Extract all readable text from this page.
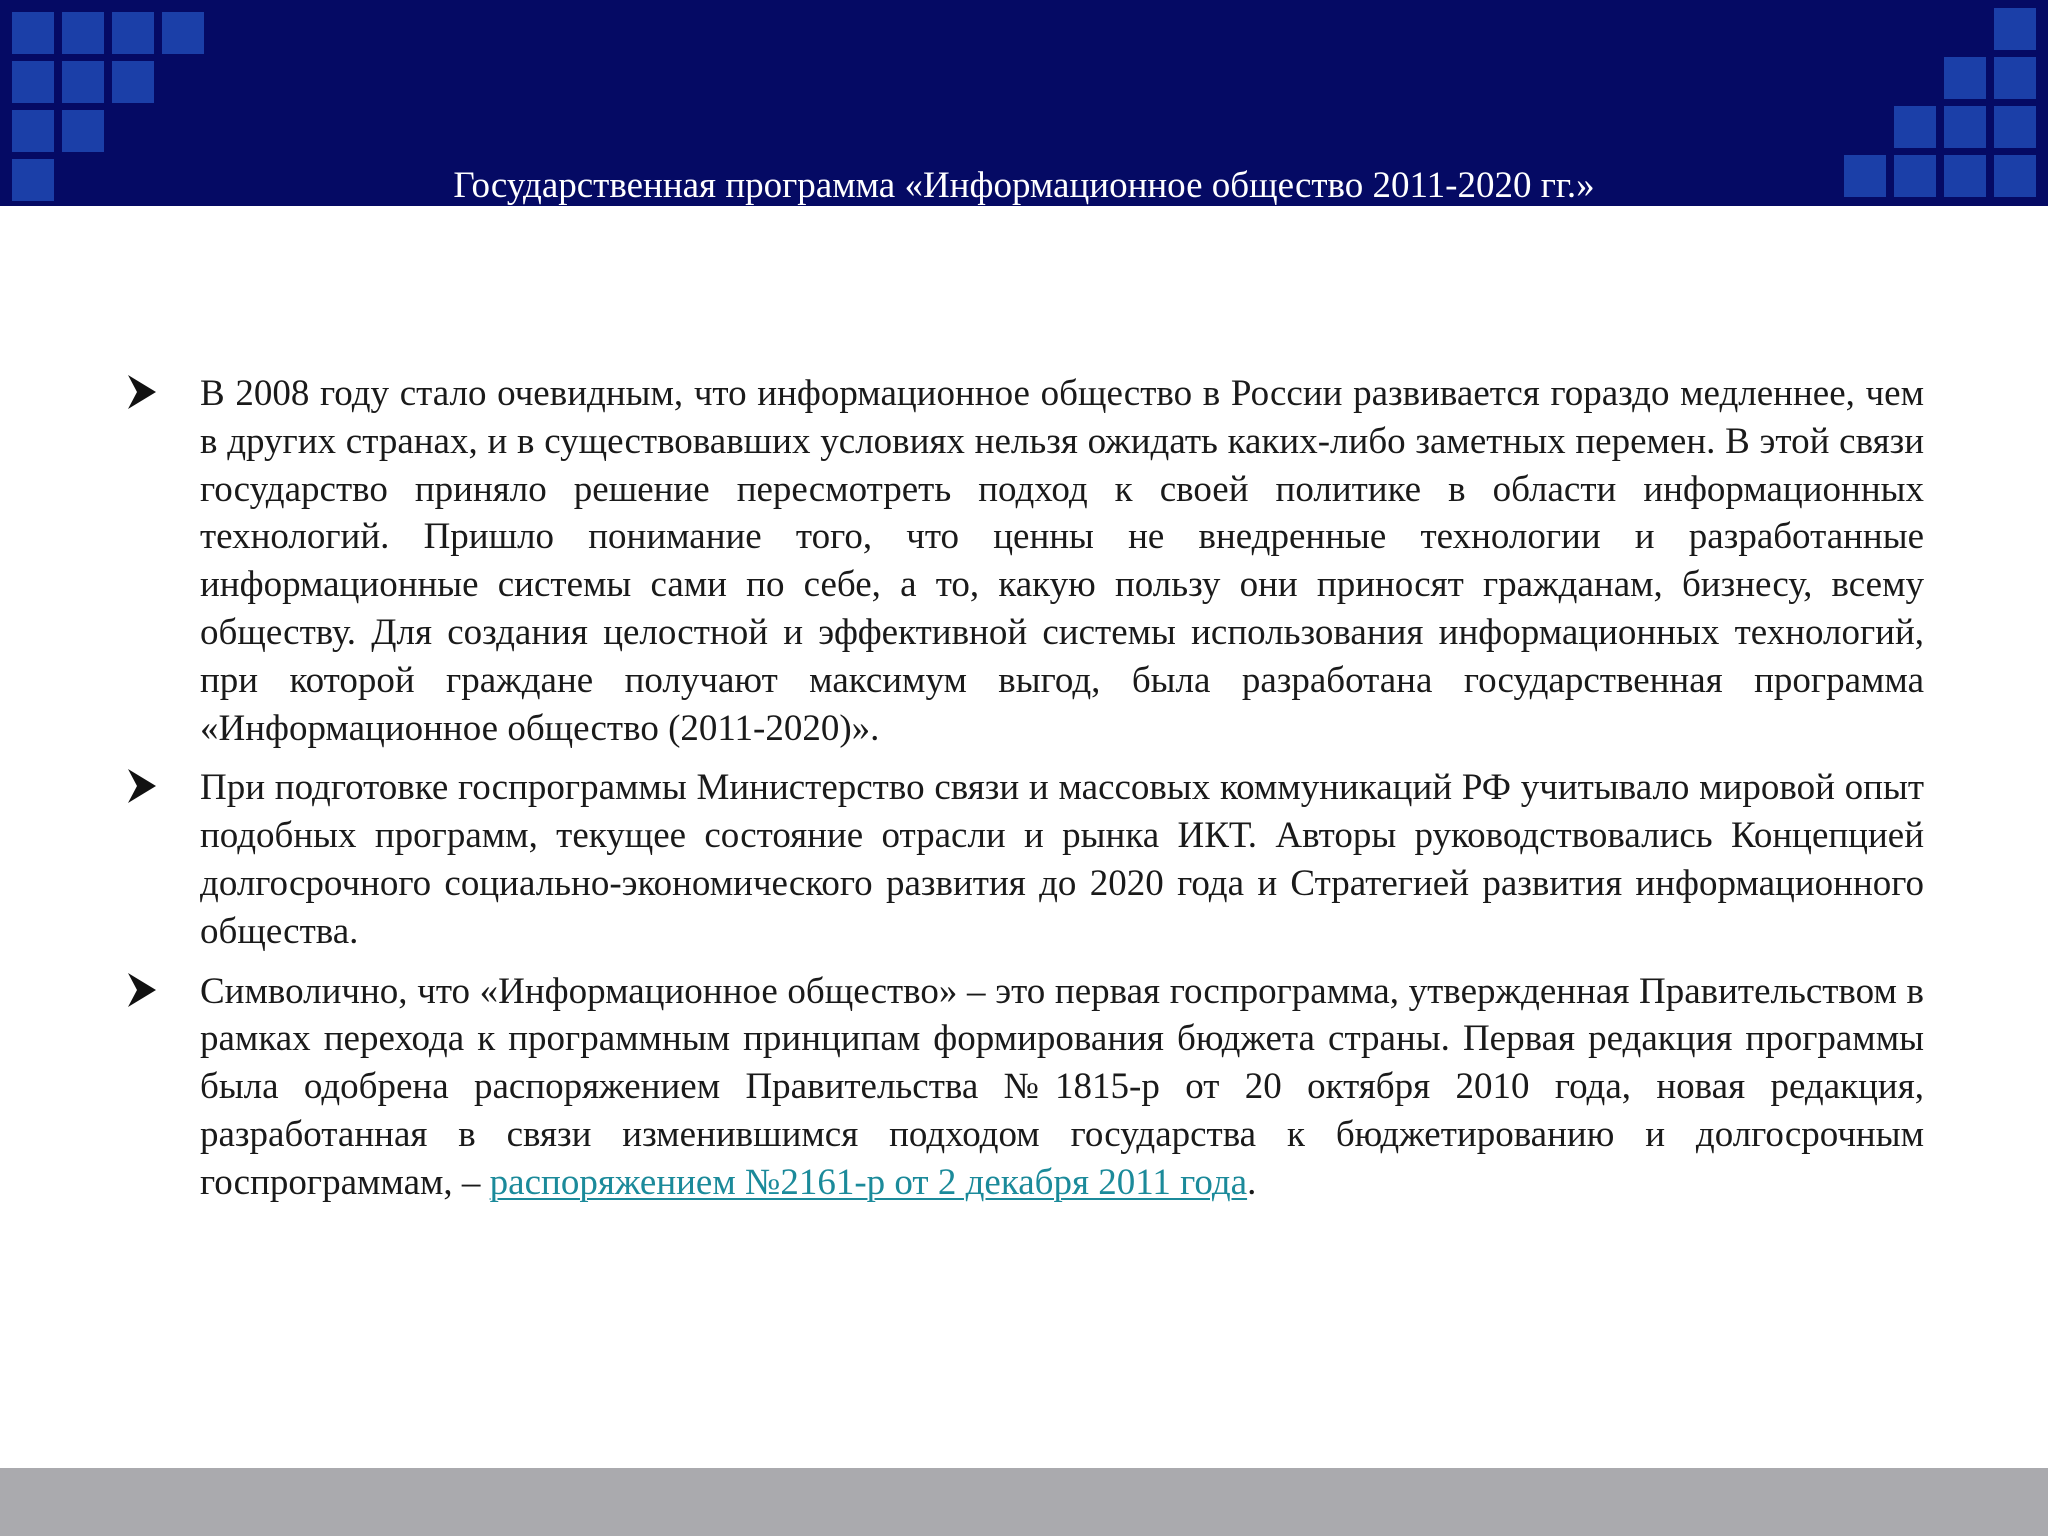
Государственная программа «Информационное общество 2011-2020 гг.»
В 2008 году стало очевидным, что информационное общество в России развивается гораздо медленнее, чем в других странах, и в существовавших условиях нельзя ожидать каких-либо заметных перемен. В этой связи государство приняло решение пересмотреть подход к своей политике в области информационных технологий. Пришло понимание того, что ценны не внедренные технологии и разработанные информационные системы сами по себе, а то, какую пользу они приносят гражданам, бизнесу, всему обществу. Для создания целостной и эффективной системы использования информационных технологий, при которой граждане получают максимум выгод, была разработана государственная программа «Информационное общество (2011-2020)».
При подготовке госпрограммы Министерство связи и массовых коммуникаций РФ учитывало мировой опыт подобных программ, текущее состояние отрасли и рынка ИКТ. Авторы руководствовались Концепцией долгосрочного социально-экономического развития до 2020 года и Стратегией развития информационного общества.
Символично, что «Информационное общество» – это первая госпрограмма, утвержденная Правительством в рамках перехода к программным принципам формирования бюджета страны. Первая редакция программы была одобрена распоряжением Правительства №1815-р от 20 октября 2010 года, новая редакция, разработанная в связи изменившимся подходом государства к бюджетированию и долгосрочным госпрограммам, – распоряжением №2161-р от 2 декабря 2011 года.
